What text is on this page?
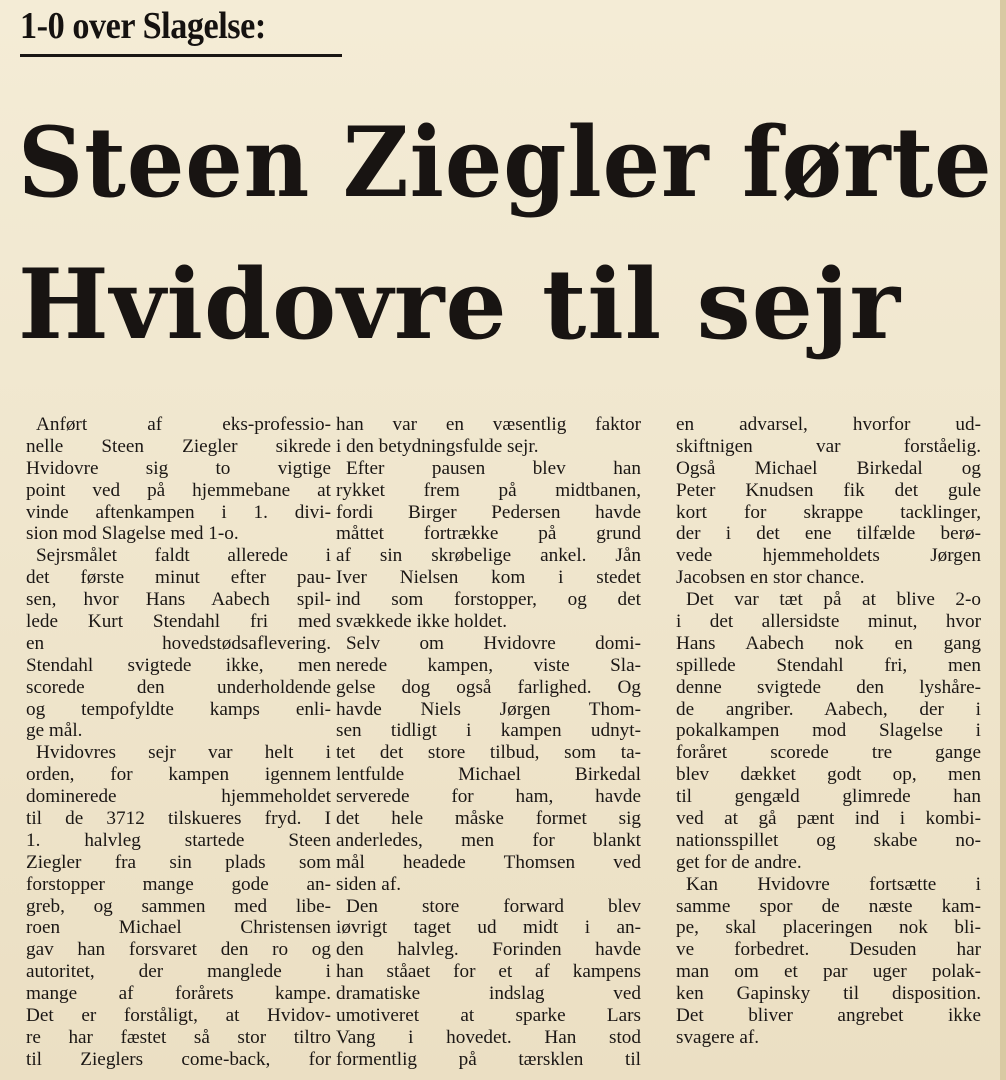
1-0 over Slagelse:
Steen Ziegler førte
Hvidovre til sejr
Anført af eks-professio-
nelle Steen Ziegler sikrede
Hvidovre sig to vigtige
point ved på hjemmebane at
vinde aftenkampen i 1. divi-
sion mod Slagelse med 1-o.
Sejrsmålet faldt allerede i
det første minut efter pau-
sen, hvor Hans Aabech spil-
lede Kurt Stendahl fri med
en hovedstødsaflevering.
Stendahl svigtede ikke, men
scorede den underholdende
og tempofyldte kamps enli-
ge mål.
Hvidovres sejr var helt i
orden, for kampen igennem
dominerede hjemmeholdet
til de 3712 tilskueres fryd. I
1. halvleg startede Steen
Ziegler fra sin plads som
forstopper mange gode an-
greb, og sammen med libe-
roen Michael Christensen
gav han forsvaret den ro og
autoritet, der manglede i
mange af forårets kampe.
Det er forståligt, at Hvidov-
re har fæstet så stor tiltro
til Zieglers come-back, for
han var en væsentlig faktor
i den betydningsfulde sejr.
Efter pausen blev han
rykket frem på midtbanen,
fordi Birger Pedersen havde
måttet fortrække på grund
af sin skrøbelige ankel. Jån
Iver Nielsen kom i stedet
ind som forstopper, og det
svækkede ikke holdet.
Selv om Hvidovre domi-
nerede kampen, viste Sla-
gelse dog også farlighed. Og
havde Niels Jørgen Thom-
sen tidligt i kampen udnyt-
tet det store tilbud, som ta-
lentfulde Michael Birkedal
serverede for ham, havde
det hele måske formet sig
anderledes, men for blankt
mål headede Thomsen ved
siden af.
Den store forward blev
iøvrigt taget ud midt i an-
den halvleg. Forinden havde
han ståaet for et af kampens
dramatiske indslag ved
umotiveret at sparke Lars
Vang i hovedet. Han stod
formentlig på tærsklen til
en advarsel, hvorfor ud-
skiftnigen var forståelig.
Også Michael Birkedal og
Peter Knudsen fik det gule
kort for skrappe tacklinger,
der i det ene tilfælde berø-
vede hjemmeholdets Jørgen
Jacobsen en stor chance.
Det var tæt på at blive 2-o
i det allersidste minut, hvor
Hans Aabech nok en gang
spillede Stendahl fri, men
denne svigtede den lyshåre-
de angriber. Aabech, der i
pokalkampen mod Slagelse i
foråret scorede tre gange
blev dækket godt op, men
til gengæld glimrede han
ved at gå pænt ind i kombi-
nationsspillet og skabe no-
get for de andre.
Kan Hvidovre fortsætte i
samme spor de næste kam-
pe, skal placeringen nok bli-
ve forbedret. Desuden har
man om et par uger polak-
ken Gapinsky til disposition.
Det bliver angrebet ikke
svagere af.
